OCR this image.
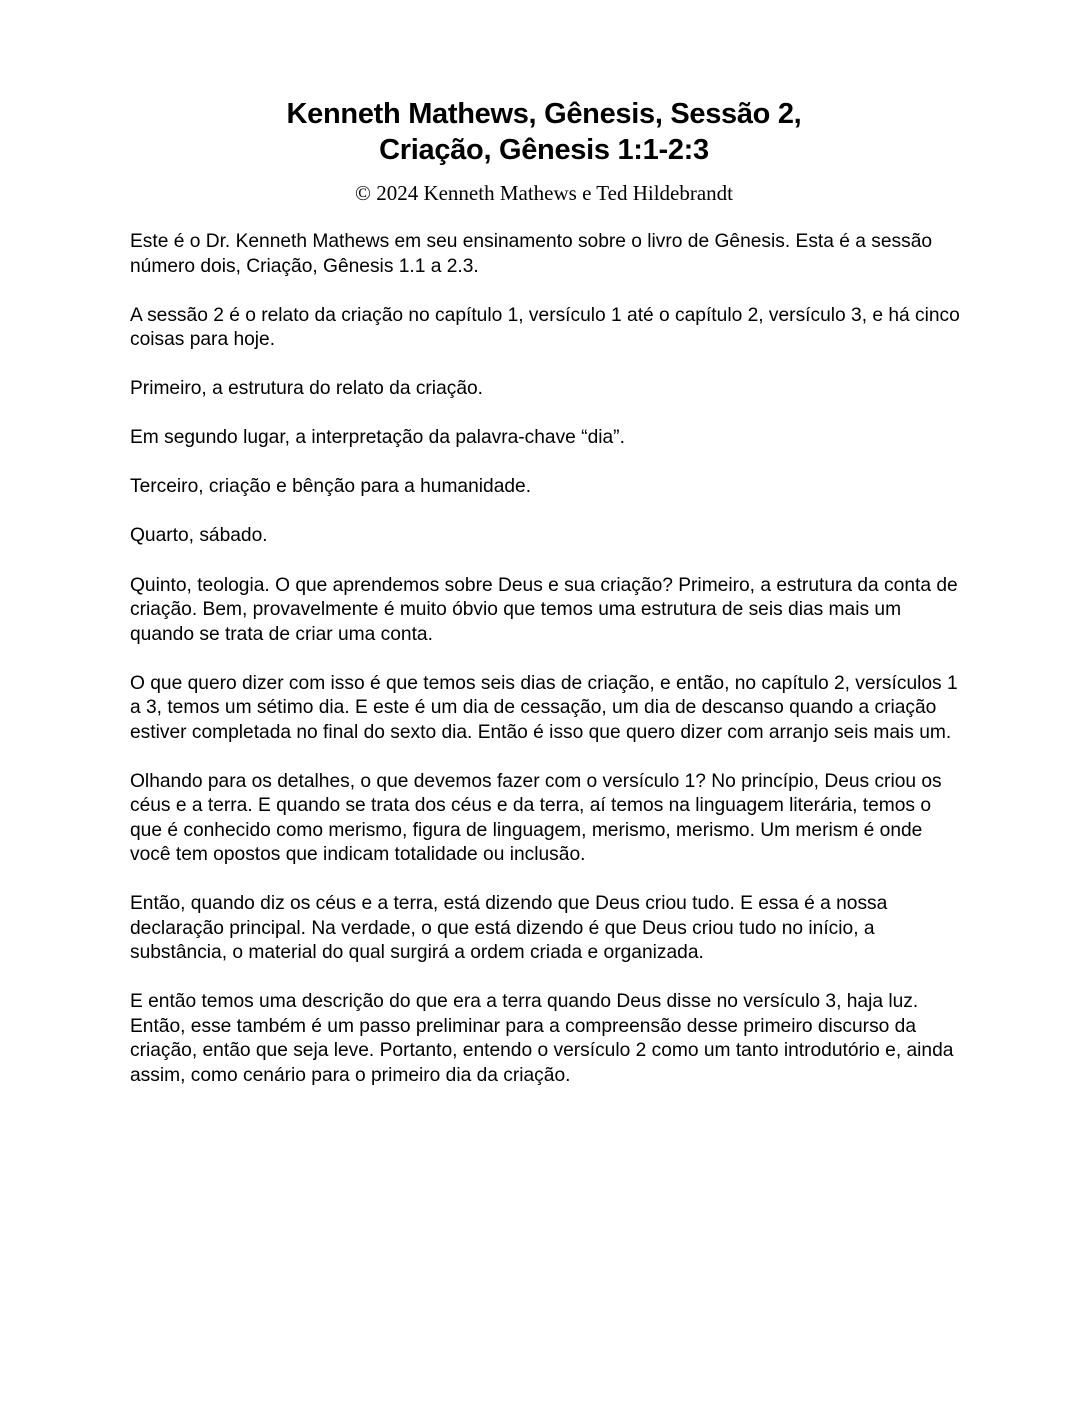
Kenneth Mathews, Gênesis, Sessão 2,
Criação, Gênesis 1:1-2:3
© 2024 Kenneth Mathews e Ted Hildebrandt

Este é o Dr. Kenneth Mathews em seu ensinamento sobre o livro de Gênesis. Esta é a sessão número dois, Criação, Gênesis 1.1 a 2.3.

A sessão 2 é o relato da criação no capítulo 1, versículo 1 até o capítulo 2, versículo 3, e há cinco coisas para hoje.

Primeiro, a estrutura do relato da criação.

Em segundo lugar, a interpretação da palavra-chave “dia”.

Terceiro, criação e bênção para a humanidade.

Quarto, sábado.

Quinto, teologia. O que aprendemos sobre Deus e sua criação? Primeiro, a estrutura da conta de criação. Bem, provavelmente é muito óbvio que temos uma estrutura de seis dias mais um quando se trata de criar uma conta.

O que quero dizer com isso é que temos seis dias de criação, e então, no capítulo 2, versículos 1 a 3, temos um sétimo dia. E este é um dia de cessação, um dia de descanso quando a criação estiver completada no final do sexto dia. Então é isso que quero dizer com arranjo seis mais um.

Olhando para os detalhes, o que devemos fazer com o versículo 1? No princípio, Deus criou os céus e a terra. E quando se trata dos céus e da terra, aí temos na linguagem literária, temos o que é conhecido como merismo, figura de linguagem, merismo, merismo. Um merism é onde você tem opostos que indicam totalidade ou inclusão.

Então, quando diz os céus e a terra, está dizendo que Deus criou tudo. E essa é a nossa declaração principal. Na verdade, o que está dizendo é que Deus criou tudo no início, a substância, o material do qual surgirá a ordem criada e organizada.

E então temos uma descrição do que era a terra quando Deus disse no versículo 3, haja luz. Então, esse também é um passo preliminar para a compreensão desse primeiro discurso da criação, então que seja leve. Portanto, entendo o versículo 2 como um tanto introdutório e, ainda assim, como cenário para o primeiro dia da criação.
